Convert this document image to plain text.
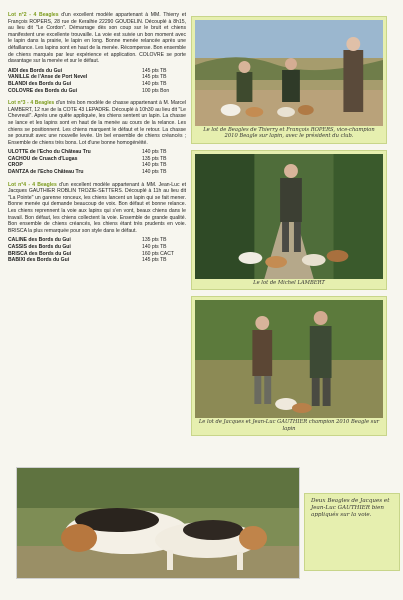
Lot n°2 - 4 Beagles d'un excellent modèle appartenant à MM. Thierry et François ROPERS, 28 rue de Keralhie 22290 GOUDELIN. Découplé à 8h15, au lieu dit "Le Cordon". Démarrage dès son coup sur le bruit et chiens manifestent une excellente trouvaille. La voie est suivie un bon moment avec le lapin dans la prairie, le lapin en long. Bonne menée relancée après une défaillance. Les lapins sont en haut de la menée. Récompense. Bon ensemble de chiens marqués par leur expérience et application. COLOVRE se porte davantage sur la menée et sur le défaut.

AIDI des Bords du Gui	145 pts TB
VANILLE de l'Anse de Port Nevel	145 pts TB
BLANDI des Bords du Gui	140 pts TB
COLOVRE des Bords du Gui	100 pts Bon

Lot n°3 - 4 Beagles d'un très bon modèle de chasse appartenant à M. Marcel LAMBERT, 12 rue de la COTE 43 LEPADRE. Découplé à 10h30 au lieu dit "Le Chevreuil". Après une quête appliquée, les chiens sentent un lapin. La chasse se lance et les lapins sont en haut de la menée au cours de la relance. Les chiens se positionnent. Les chiens marquent le défaut et le retour. La chasse se poursuit avec une nouvelle levée. Un bel ensemble de chiens créancés ; Ensemble de chiens très bons. Lot d'une bonne homogénéité.

ULOTTE de l'Echo du Château Tru	140 pts TB
CACHOU de Cruach d'Lugas	135 pts TB
CROP	140 pts TB
DANTZA de l'Echo Château Tru	140 pts TB

Lot n°4 - 4 Beagles d'un excellent modèle appartenant à MM. Jean-Luc et Jacques GAUTHIER ROBLIN TROZIE-SETTERS. Découplé à 11h au lieu dit "La Pointe" un garenne ronceux, les chiens lancent un lapin qui se fait mener. Bonne menée qui demande beaucoup de voix. Bon défaut et bonne relance. Les chiens reprennent la voie aux lapins qui s'en vont, beaux chiens dans le travail. Bon défaut, les chiens collectent la voie. Ensemble de grande qualité. Bon ensemble de chiens créancés, les chiens étant très prudents en voie. BRISCA la plus remarquée pour son style dans le défaut.

CALINE des Bords du Gui	135 pts TB
CASSIS des Bords du Gui	140 pts TB
BRISCA des Bords du Gui	160 pts CACT
BABIXI des Bords du Gui	145 pts TB
Le lot de Beagles de Thierry et François ROPERS, vice-champion 2010 Beagle sur lapin, avec le président du club.
Le lot de Michel LAMBERT
Le lot de Jacques et Jean-Luc GAUTHIER champion 2010 Beagle sur lapin
Deux Beagles de Jacques et Jean-Luc GAUTHIER bien appliqués sur la voie.
